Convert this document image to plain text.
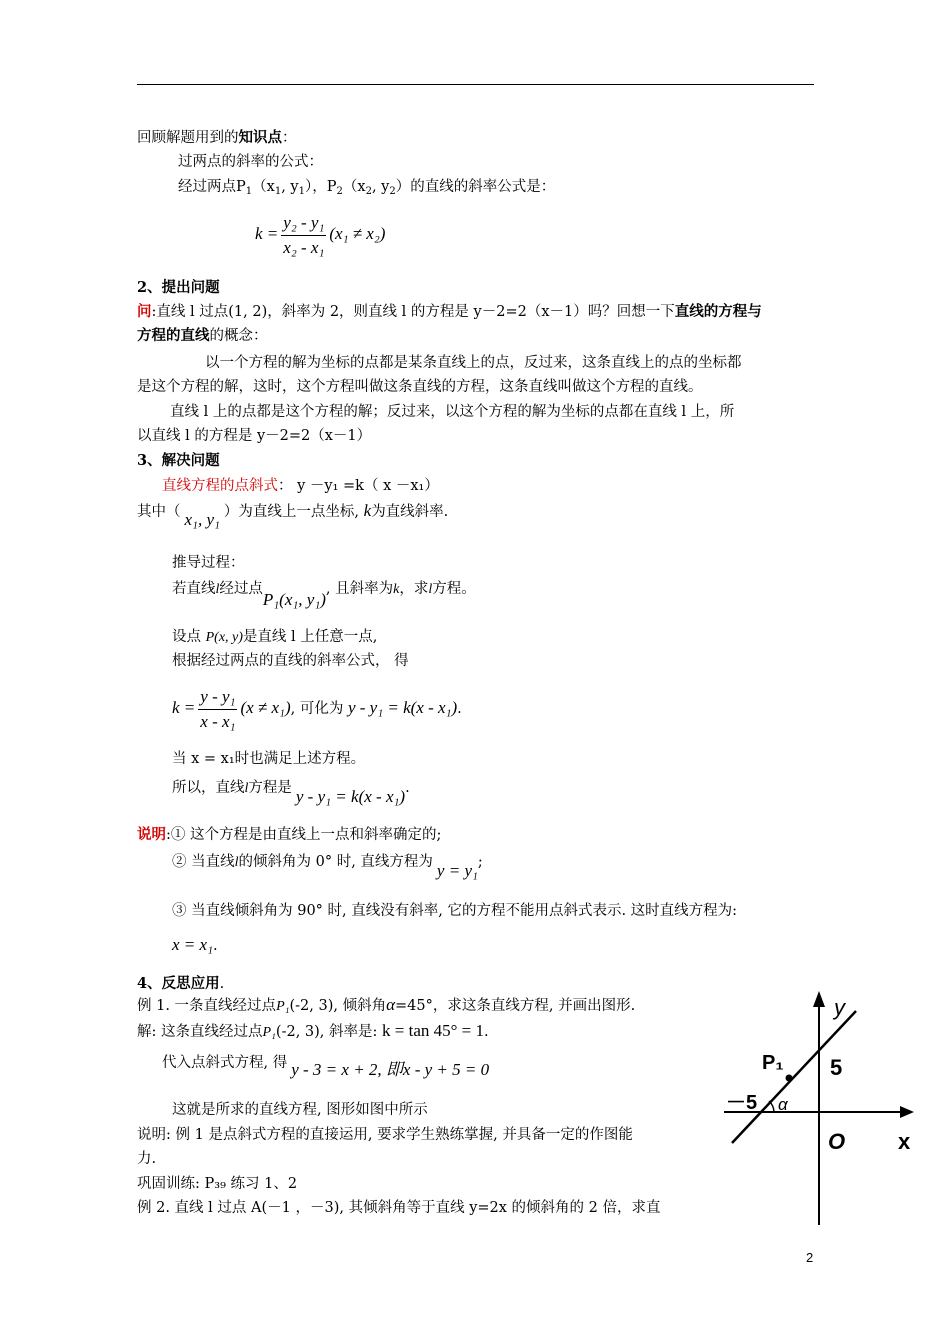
回顾解题用到的知识点：
过两点的斜率的公式：
经过两点$P_1(x_1$, $y_1$），$P_2(x_2$, $y_2$）的直线的斜率公式是：
$k = \frac{\text{y₂ - y₁}}{\text{x₂ - x₁}} (x_1 \ne x_2)$
2、提出问题
问:直线 l 过点(1, 2)，斜率为 2，则直线 l 的方程是 y－2=2（x－1）吗？回想一下直线的方程与
方程的直线的概念：
以一个方程的解为坐标的点都是某条直线上的点，反过来，这条直线上的点的坐标都
是这个方程的解，这时，这个方程叫做这条直线的方程，这条直线叫做这个方程的直线。
直线 l 上的点都是这个方程的解；反过来，以这个方程的解为坐标的点都在直线 l 上，所
以直线 l 的方程是 y－2=2（x－1）
3、解决问题
直线方程的点斜式： y －y₁ =k（ x －x₁）
其中（ x₁, y₁ ）为直线上一点坐标, k为直线斜率.
推导过程：
若直线l经过点P₁(x₁, y₁), 且斜率为k，求l方程。
设点 P(x, y)是直线 l 上任意一点,
根据经过两点的直线的斜率公式， 得
$k = \frac{\text{y - y₁}}{\text{x - x₁}} (x \ne x_1)$, 可化为 y - y₁ = k(x - x₁).
当 x = x₁时也满足上述方程。
所以，直线l方程是 y - y₁ = k(x - x₁).
说明:① 这个方程是由直线上一点和斜率确定的;
② 当直线l的倾斜角为 0° 时, 直线方程为 y = y₁;
③ 当直线倾斜角为 90° 时, 直线没有斜率, 它的方程不能用点斜式表示. 这时直线方程为:
x = x₁.
4、反思应用.
例 1. 一条直线经过点P₁(-2, 3), 倾斜角α=45°，求这条直线方程, 并画出图形.
解: 这条直线经过点P₁(-2, 3), 斜率是: k = tan 45° = 1.
代入点斜式方程, 得 y - 3 = x + 2, 即x - y + 5 = 0
这就是所求的直线方程, 图形如图中所示
说明: 例 1 是点斜式方程的直接运用, 要求学生熟练掌握, 并具备一定的作图能
力.
巩固训练: P₃₉ 练习 1、2
例 2. 直线 l 过点 A(－1 ，－3), 其倾斜角等于直线 y=2x 的倾斜角的 2 倍，求直
y
x
P₁ 5
－5 α
O
2
